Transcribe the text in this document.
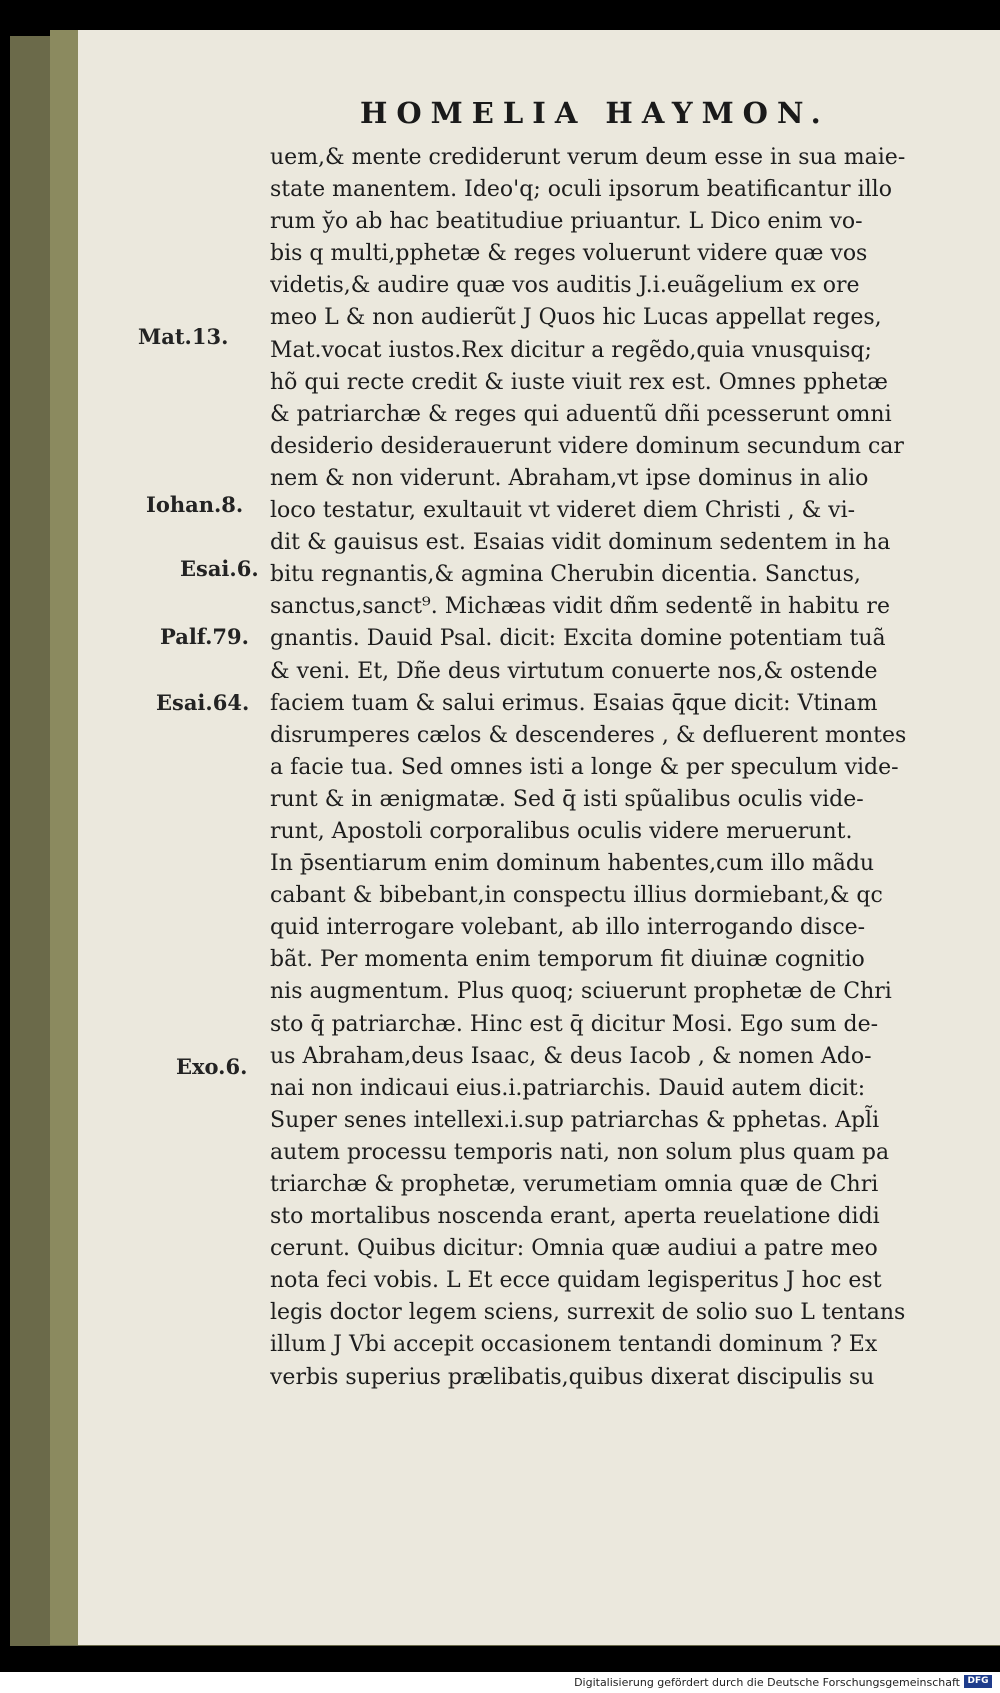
HOMELIA HAYMON.
uem,& mente crediderunt verum deum esse in sua maie-
state manentem. Ideo'q; oculi ipsorum beatificantur illo
rum y̆o ab hac beatitudiue priuantur. L Dico enim vo-
bis q multi,pphetæ & reges voluerunt videre quæ vos
videtis,& audire quæ vos auditis J.i.euãgelium ex ore
meo L & non audierũt J Quos hic Lucas appellat reges,
Mat.vocat iustos.Rex dicitur a regẽdo,quia vnusquisq;
hõ qui recte credit & iuste viuit rex est. Omnes pphetæ
& patriarchæ & reges qui aduentũ dñi pcesserunt omni
desiderio desiderauerunt videre dominum secundum car
nem & non viderunt. Abraham,vt ipse dominus in alio
loco testatur, exultauit vt videret diem Christi , & vi-
dit & gauisus est. Esaias vidit dominum sedentem in ha
bitu regnantis,& agmina Cherubin dicentia. Sanctus,
sanctus,sanct⁹. Michæas vidit dñm sedentẽ in habitu re
gnantis. Dauid Psal. dicit: Excita domine potentiam tuã
& veni. Et, Dñe deus virtutum conuerte nos,& ostende
faciem tuam & salui erimus. Esaias q̄que dicit: Vtinam
disrumperes cælos & descenderes , & defluerent montes
a facie tua. Sed omnes isti a longe & per speculum vide-
runt & in ænigmatæ. Sed q̄ isti spũalibus oculis vide-
runt, Apostoli corporalibus oculis videre meruerunt.
In p̄sentiarum enim dominum habentes,cum illo mãdu
cabant & bibebant,in conspectu illius dormiebant,& qc
quid interrogare volebant, ab illo interrogando disce-
bãt. Per momenta enim temporum fit diuinæ cognitio
nis augmentum. Plus quoq; sciuerunt prophetæ de Chri
sto q̄ patriarchæ. Hinc est q̄ dicitur Mosi. Ego sum de-
us Abraham,deus Isaac, & deus Iacob , & nomen Ado-
nai non indicaui eius.i.patriarchis. Dauid autem dicit:
Super senes intellexi.i.sup patriarchas & pphetas. Apl̃i
autem processu temporis nati, non solum plus quam pa
triarchæ & prophetæ, verumetiam omnia quæ de Chri
sto mortalibus noscenda erant, aperta reuelatione didi
cerunt. Quibus dicitur: Omnia quæ audiui a patre meo
nota feci vobis. L Et ecce quidam legisperitus J hoc est
legis doctor legem sciens, surrexit de solio suo L tentans
illum J Vbi accepit occasionem tentandi dominum ? Ex
verbis superius prælibatis,quibus dixerat discipulis su
Mat.13.
Iohan.8.
Esai.6.
Palf.79.
Esai.64.
Exo.6.
Digitalisierung gefördert durch die Deutsche Forschungsgemeinschaft DFG
